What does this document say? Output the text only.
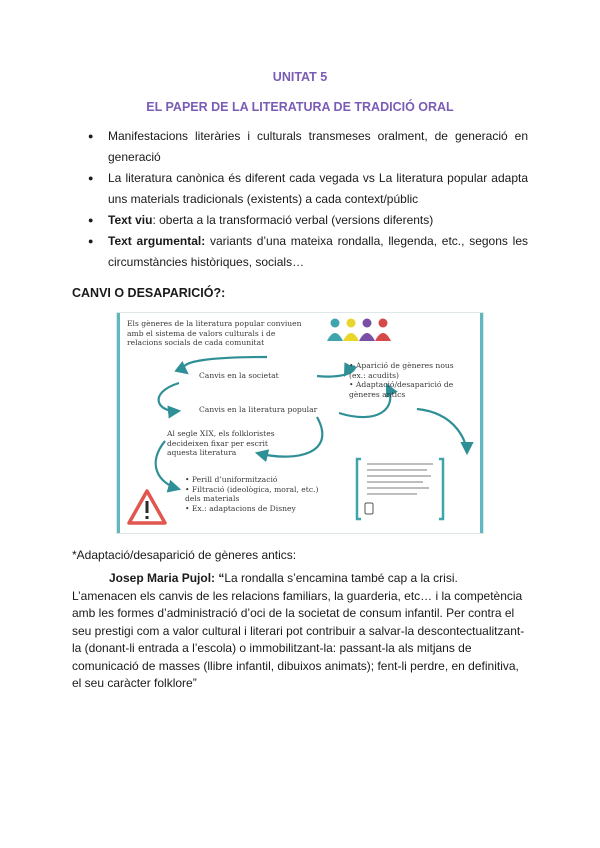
UNITAT 5
EL PAPER DE LA LITERATURA DE TRADICIÓ ORAL
● Manifestacions literàries i culturals transmeses oralment, de generació en generació
● La literatura canònica és diferent cada vegada vs La literatura popular adapta uns materials tradicionals (existents) a cada context/públic
● Text viu: oberta a la transformació verbal (versions diferents)
● Text argumental: variants d’una mateixa rondalla, llegenda, etc., segons les circumstàncies històriques, socials…
CANVI O DESAPARICIÓ?:
Els gèneres de la literatura popular conviuen
amb el sistema de valors culturals i de
relacions socials de cada comunitat
Canvis en la societat
Canvis en la literatura popular
• Aparició de gèneres nous
(ex.: acudits)
• Adaptació/desaparició de
gèneres antics
Al segle XIX, els folkloristes
decideixen fixar per escrit
aquesta literatura
• Perill d’uniformització
• Filtració (ideològica, moral, etc.)
dels materials
• Ex.: adaptacions de Disney
*Adaptació/desaparició de gèneres antics:
Josep Maria Pujol: “La rondalla s’encamina també cap a la crisi.
L’amenacen els canvis de les relacions familiars, la guarderia, etc… i la competència amb les formes d’administració d’oci de la societat de consum infantil. Per contra el seu prestigi com a valor cultural i literari pot contribuir a salvar-la descontectualitzant-la (donant-li entrada a l’escola) o immobilitzant-la: passant-la als mitjans de comunicació de masses (llibre infantil, dibuixos animats); fent-li perdre, en definitiva, el seu caràcter folklore”
